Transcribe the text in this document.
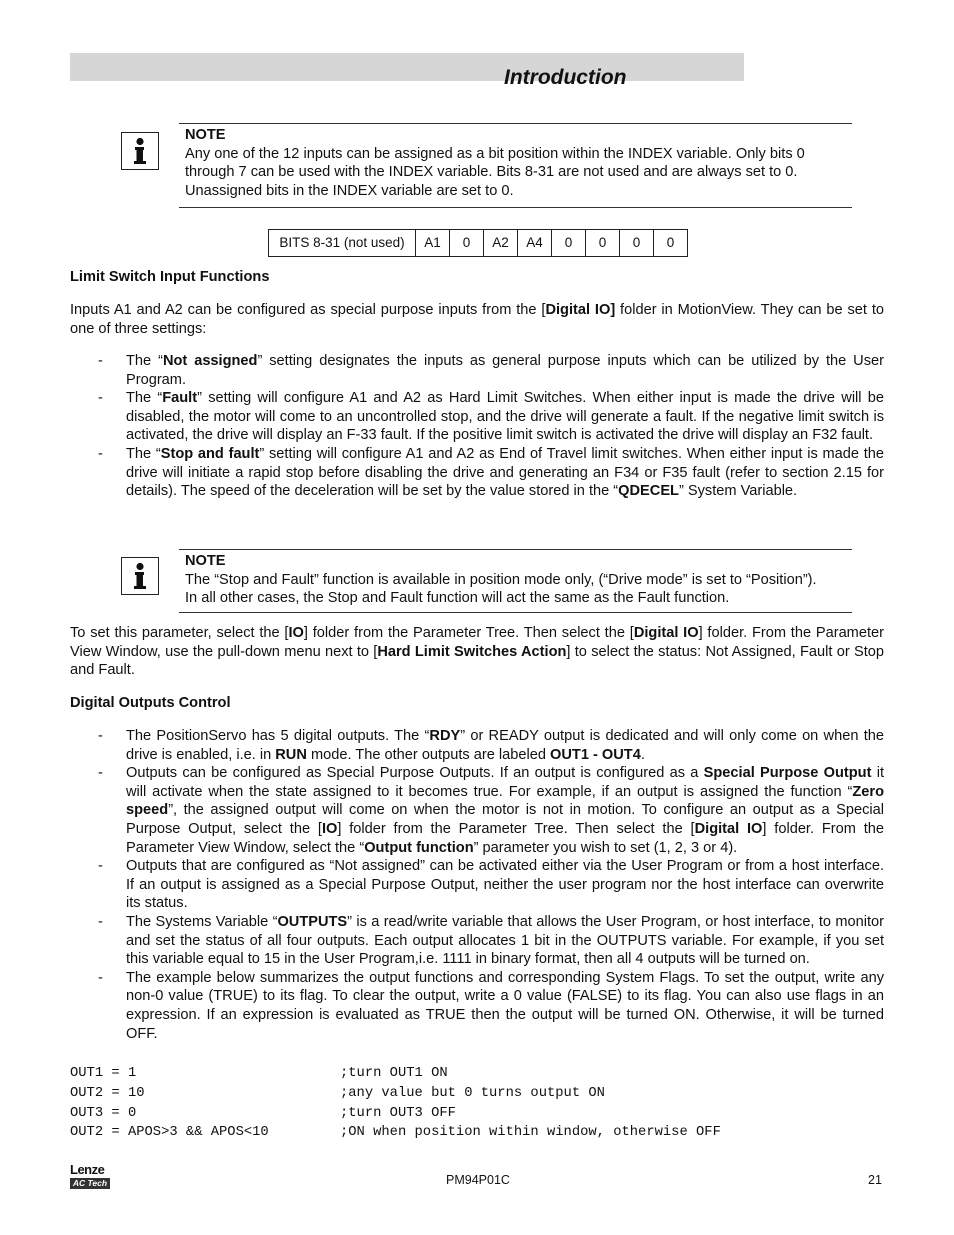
Introduction
NOTE
Any one of the 12 inputs can be assigned as a bit position within the INDEX variable. Only bits 0 through 7 can be used with the INDEX variable. Bits 8-31 are not used and are always set to 0. Unassigned bits in the INDEX variable are set to 0.
BITS 8-31 (not used)	A1	0	A2	A4	0	0	0	0
Limit Switch Input Functions
Inputs A1 and A2 can be configured as special purpose inputs from the [Digital IO] folder in MotionView. They can be set to one of three settings:
- The “Not assigned” setting designates the inputs as general purpose inputs which can be utilized by the User Program.
- The “Fault” setting will configure A1 and A2 as Hard Limit Switches. When either input is made the drive will be disabled, the motor will come to an uncontrolled stop, and the drive will generate a fault. If the negative limit switch is activated, the drive will display an F-33 fault. If the positive limit switch is activated the drive will display an F32 fault.
- The “Stop and fault” setting will configure A1 and A2 as End of Travel limit switches. When either input is made the drive will initiate a rapid stop before disabling the drive and generating an F34 or F35 fault (refer to section 2.15 for details). The speed of the deceleration will be set by the value stored in the “QDECEL” System Variable.
NOTE
The “Stop and Fault” function is available in position mode only, (“Drive mode” is set to “Position”).
In all other cases, the Stop and Fault function will act the same as the Fault function.
To set this parameter, select the [IO] folder from the Parameter Tree. Then select the [Digital IO] folder. From the Parameter View Window, use the pull-down menu next to [Hard Limit Switches Action] to select the status: Not Assigned, Fault or Stop and Fault.
Digital Outputs Control
- The PositionServo has 5 digital outputs. The “RDY” or READY output is dedicated and will only come on when the drive is enabled, i.e. in RUN mode. The other outputs are labeled OUT1 - OUT4.
- Outputs can be configured as Special Purpose Outputs. If an output is configured as a Special Purpose Output it will activate when the state assigned to it becomes true. For example, if an output is assigned the function “Zero speed”, the assigned output will come on when the motor is not in motion. To configure an output as a Special Purpose Output, select the [IO] folder from the Parameter Tree. Then select the [Digital IO] folder. From the Parameter View Window, select the “Output function” parameter you wish to set (1, 2, 3 or 4).
- Outputs that are configured as “Not assigned” can be activated either via the User Program or from a host interface. If an output is assigned as a Special Purpose Output, neither the user program nor the host interface can overwrite its status.
- The Systems Variable “OUTPUTS” is a read/write variable that allows the User Program, or host interface, to monitor and set the status of all four outputs. Each output allocates 1 bit in the OUTPUTS variable. For example, if you set this variable equal to 15 in the User Program,i.e. 1111 in binary format, then all 4 outputs will be turned on.
- The example below summarizes the output functions and corresponding System Flags. To set the output, write any non-0 value (TRUE) to its flag. To clear the output, write a 0 value (FALSE) to its flag. You can also use flags in an expression. If an expression is evaluated as TRUE then the output will be turned ON. Otherwise, it will be turned OFF.
OUT1 = 1	;turn OUT1 ON
OUT2 = 10	;any value but 0 turns output ON
OUT3 = 0	;turn OUT3 OFF
OUT2 = APOS>3 && APOS<10	;ON when position within window, otherwise OFF
Lenze
AC Tech	PM94P01C	21
